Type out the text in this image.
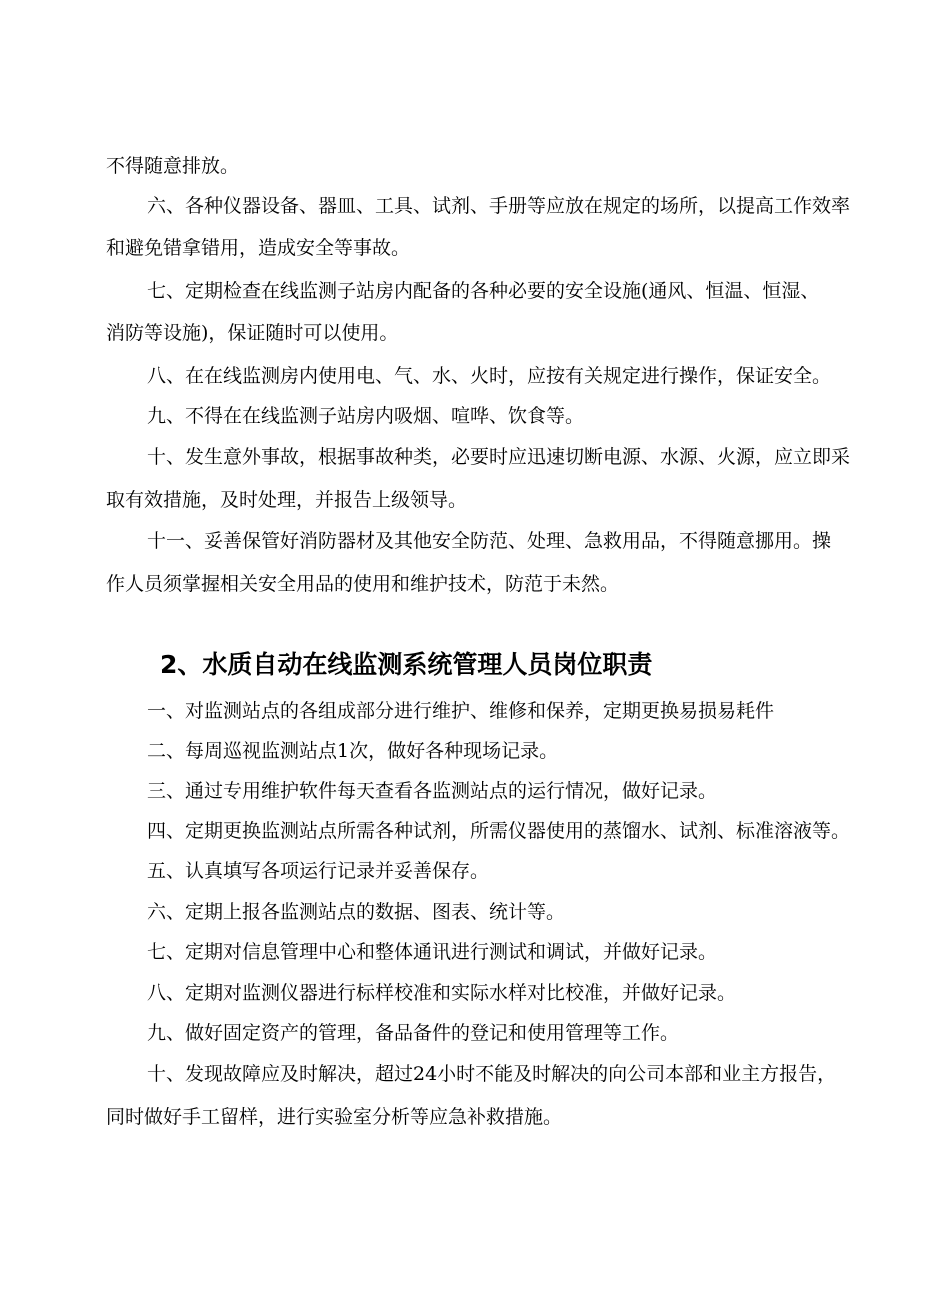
不得随意排放。
六、各种仪器设备、器皿、工具、试剂、手册等应放在规定的场所，以提高工作效率
和避免错拿错用，造成安全等事故。
七、定期检查在线监测子站房内配备的各种必要的安全设施(通风、恒温、恒湿、
消防等设施)，保证随时可以使用。
八、在在线监测房内使用电、气、水、火时，应按有关规定进行操作，保证安全。
九、不得在在线监测子站房内吸烟、喧哗、饮食等。
十、发生意外事故，根据事故种类，必要时应迅速切断电源、水源、火源，应立即采
取有效措施，及时处理，并报告上级领导。
十一、妥善保管好消防器材及其他安全防范、处理、急救用品，不得随意挪用。操
作人员须掌握相关安全用品的使用和维护技术，防范于未然。
2、水质自动在线监测系统管理人员岗位职责
一、对监测站点的各组成部分进行维护、维修和保养，定期更换易损易耗件
二、每周巡视监测站点1次，做好各种现场记录。
三、通过专用维护软件每天查看各监测站点的运行情况，做好记录。
四、定期更换监测站点所需各种试剂，所需仪器使用的蒸馏水、试剂、标准溶液等。
五、认真填写各项运行记录并妥善保存。
六、定期上报各监测站点的数据、图表、统计等。
七、定期对信息管理中心和整体通讯进行测试和调试，并做好记录。
八、定期对监测仪器进行标样校准和实际水样对比校准，并做好记录。
九、做好固定资产的管理，备品备件的登记和使用管理等工作。
十、发现故障应及时解决，超过24小时不能及时解决的向公司本部和业主方报告，
同时做好手工留样，进行实验室分析等应急补救措施。
